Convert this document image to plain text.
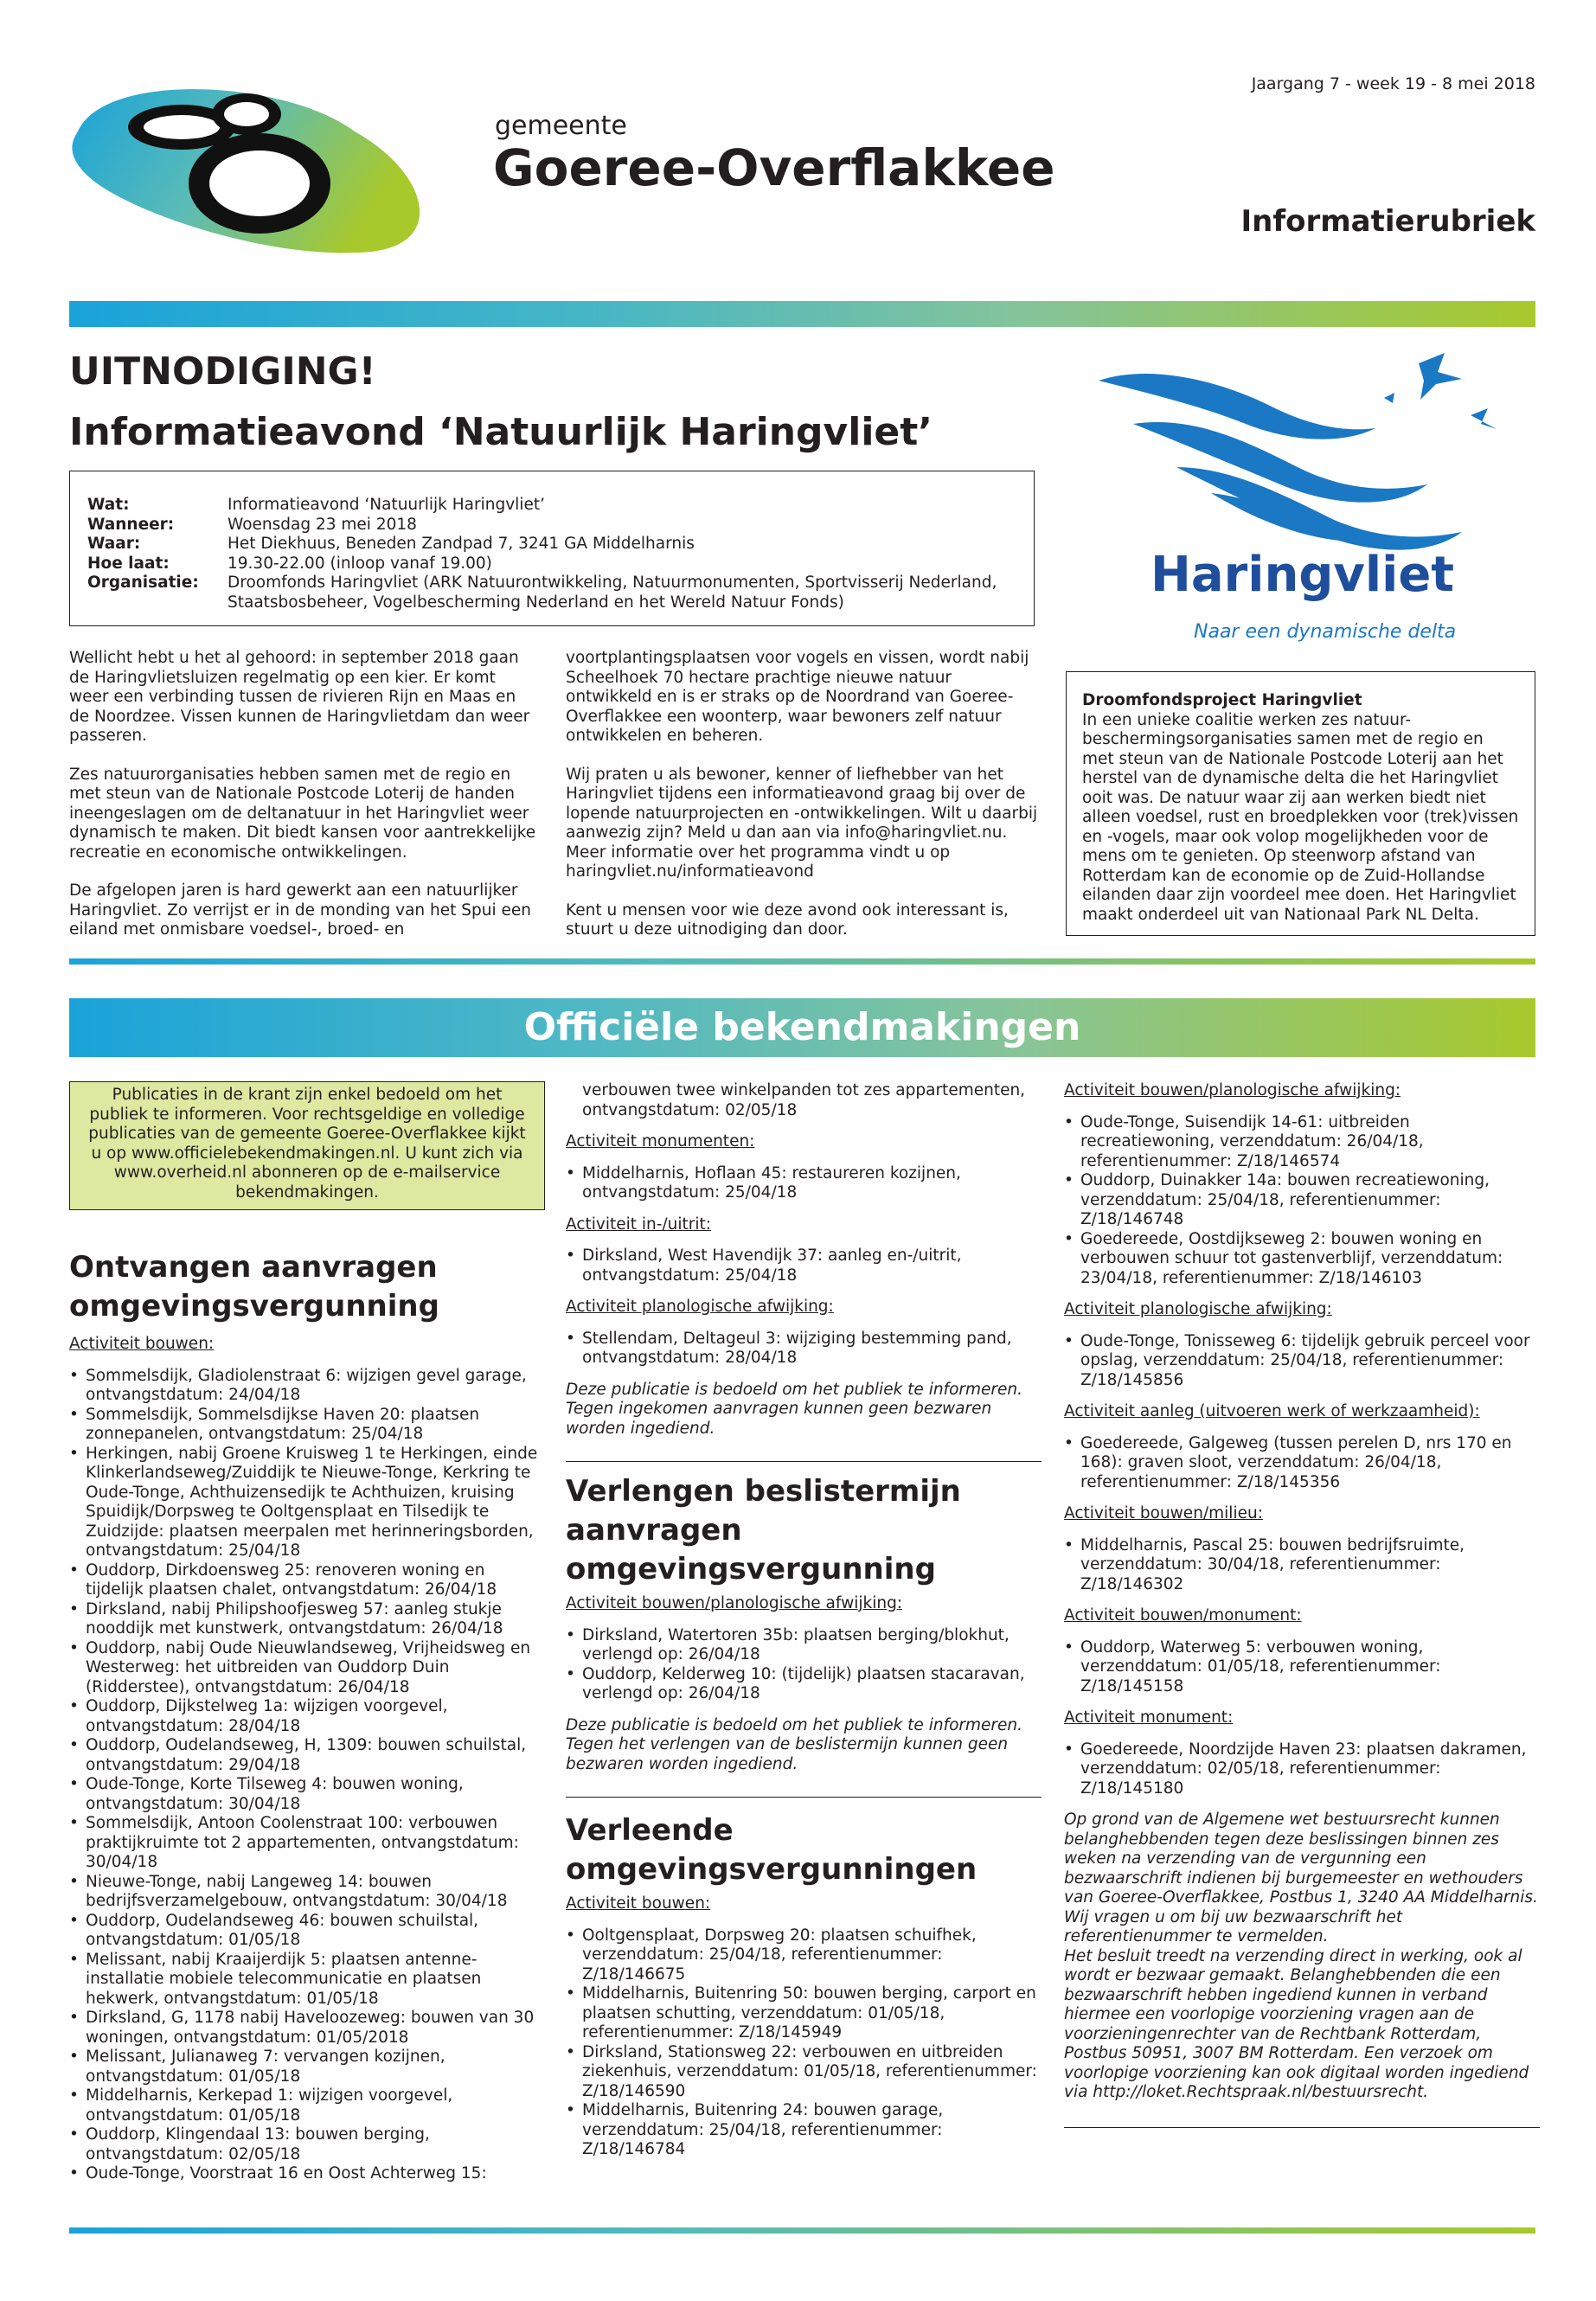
Jaargang 7 - week 19 - 8 mei 2018
gemeente
Goeree-Overflakkee
Informatierubriek
UITNODIGING!
Informatieavond ‘Natuurlijk Haringvliet’
Wat:	Informatieavond ‘Natuurlijk Haringvliet’
Wanneer:	Woensdag 23 mei 2018
Waar:	Het Diekhuus, Beneden Zandpad 7, 3241 GA Middelharnis
Hoe laat:	19.30-22.00 (inloop vanaf 19.00)
Organisatie:	Droomfonds Haringvliet (ARK Natuurontwikkeling, Natuurmonumenten, Sportvisserij Nederland, Staatsbosbeheer, Vogelbescherming Nederland en het Wereld Natuur Fonds)

Wellicht hebt u het al gehoord: in september 2018 gaan de Haringvlietsluizen regelmatig op een kier. Er komt weer een verbinding tussen de rivieren Rijn en Maas en de Noordzee. Vissen kunnen de Haringvlietdam dan weer passeren.

Zes natuurorganisaties hebben samen met de regio en met steun van de Nationale Postcode Loterij de handen ineengeslagen om de deltanatuur in het Haringvliet weer dynamisch te maken. Dit biedt kansen voor aantrekkelijke recreatie en economische ontwikkelingen.

De afgelopen jaren is hard gewerkt aan een natuurlijker Haringvliet. Zo verrijst er in de monding van het Spui een eiland met onmisbare voedsel-, broed- en

voortplantingsplaatsen voor vogels en vissen, wordt nabij Scheelhoek 70 hectare prachtige nieuwe natuur ontwikkeld en is er straks op de Noordrand van Goeree-Overflakkee een woonterp, waar bewoners zelf natuur ontwikkelen en beheren.

Wij praten u als bewoner, kenner of liefhebber van het Haringvliet tijdens een informatieavond graag bij over de lopende natuurprojecten en -ontwikkelingen. Wilt u daarbij aanwezig zijn? Meld u dan aan via info@haringvliet.nu. Meer informatie over het programma vindt u op haringvliet.nu/informatieavond

Kent u mensen voor wie deze avond ook interessant is, stuurt u deze uitnodiging dan door.

Haringvliet
Naar een dynamische delta
Droomfondsproject Haringvliet
In een unieke coalitie werken zes natuur-beschermingsorganisaties samen met de regio en met steun van de Nationale Postcode Loterij aan het herstel van de dynamische delta die het Haringvliet ooit was. De natuur waar zij aan werken biedt niet alleen voedsel, rust en broedplekken voor (trek)vissen en -vogels, maar ook volop mogelijkheden voor de mens om te genieten. Op steenworp afstand van Rotterdam kan de economie op de Zuid-Hollandse eilanden daar zijn voordeel mee doen. Het Haringvliet maakt onderdeel uit van Nationaal Park NL Delta.
Officiële bekendmakingen
Publicaties in de krant zijn enkel bedoeld om het publiek te informeren. Voor rechtsgeldige en volledige publicaties van de gemeente Goeree-Overflakkee kijkt u op www.officielebekendmakingen.nl. U kunt zich via www.overheid.nl abonneren op de e-mailservice bekendmakingen.
Ontvangen aanvragen omgevingsvergunning
Activiteit bouwen:
• Sommelsdijk, Gladiolenstraat 6: wijzigen gevel garage, ontvangstdatum: 24/04/18
• Sommelsdijk, Sommelsdijkse Haven 20: plaatsen zonnepanelen, ontvangstdatum: 25/04/18
• Herkingen, nabij Groene Kruisweg 1 te Herkingen, einde Klinkerlandseweg/Zuiddijk te Nieuwe-Tonge, Kerkring te Oude-Tonge, Achthuizensedijk te Achthuizen, kruising Spuidijk/Dorpsweg te Ooltgensplaat en Tilsedijk te Zuidzijde: plaatsen meerpalen met herinneringsborden, ontvangstdatum: 25/04/18
• Ouddorp, Dirkdoensweg 25: renoveren woning en tijdelijk plaatsen chalet, ontvangstdatum: 26/04/18
• Dirksland, nabij Philipshoofjesweg 57: aanleg stukje nooddijk met kunstwerk, ontvangstdatum: 26/04/18
• Ouddorp, nabij Oude Nieuwlandseweg, Vrijheidsweg en Westerweg: het uitbreiden van Ouddorp Duin (Ridderstee), ontvangstdatum: 26/04/18
• Ouddorp, Dijkstelweg 1a: wijzigen voorgevel, ontvangstdatum: 28/04/18
• Ouddorp, Oudelandseweg, H, 1309: bouwen schuilstal, ontvangstdatum: 29/04/18
• Oude-Tonge, Korte Tilseweg 4: bouwen woning, ontvangstdatum: 30/04/18
• Sommelsdijk, Antoon Coolenstraat 100: verbouwen praktijkruimte tot 2 appartementen, ontvangstdatum: 30/04/18
• Nieuwe-Tonge, nabij Langeweg 14: bouwen bedrijfsverzamelgebouw, ontvangstdatum: 30/04/18
• Ouddorp, Oudelandseweg 46: bouwen schuilstal, ontvangstdatum: 01/05/18
• Melissant, nabij Kraaijerdijk 5: plaatsen antenne-installatie mobiele telecommunicatie en plaatsen hekwerk, ontvangstdatum: 01/05/18
• Dirksland, G, 1178 nabij Haveloozeweg: bouwen van 30 woningen, ontvangstdatum: 01/05/2018
• Melissant, Julianaweg 7: vervangen kozijnen, ontvangstdatum: 01/05/18
• Middelharnis, Kerkepad 1: wijzigen voorgevel, ontvangstdatum: 01/05/18
• Ouddorp, Klingendaal 13: bouwen berging, ontvangstdatum: 02/05/18
• Oude-Tonge, Voorstraat 16 en Oost Achterweg 15:
verbouwen twee winkelpanden tot zes appartementen, ontvangstdatum: 02/05/18
Activiteit monumenten:
• Middelharnis, Hoflaan 45: restaureren kozijnen, ontvangstdatum: 25/04/18
Activiteit in-/uitrit:
• Dirksland, West Havendijk 37: aanleg en-/uitrit, ontvangstdatum: 25/04/18
Activiteit planologische afwijking:
• Stellendam, Deltageul 3: wijziging bestemming pand, ontvangstdatum: 28/04/18
Deze publicatie is bedoeld om het publiek te informeren. Tegen ingekomen aanvragen kunnen geen bezwaren worden ingediend.
Verlengen beslistermijn aanvragen omgevingsvergunning
Activiteit bouwen/planologische afwijking:
• Dirksland, Watertoren 35b: plaatsen berging/blokhut, verlengd op: 26/04/18
• Ouddorp, Kelderweg 10: (tijdelijk) plaatsen stacaravan, verlengd op: 26/04/18
Deze publicatie is bedoeld om het publiek te informeren. Tegen het verlengen van de beslistermijn kunnen geen bezwaren worden ingediend.
Verleende omgevingsvergunningen
Activiteit bouwen:
• Ooltgensplaat, Dorpsweg 20: plaatsen schuifhek, verzenddatum: 25/04/18, referentienummer: Z/18/146675
• Middelharnis, Buitenring 50: bouwen berging, carport en plaatsen schutting, verzenddatum: 01/05/18, referentienummer: Z/18/145949
• Dirksland, Stationsweg 22: verbouwen en uitbreiden ziekenhuis, verzenddatum: 01/05/18, referentienummer: Z/18/146590
• Middelharnis, Buitenring 24: bouwen garage, verzenddatum: 25/04/18, referentienummer: Z/18/146784
Activiteit bouwen/planologische afwijking:
• Oude-Tonge, Suisendijk 14-61: uitbreiden recreatiewoning, verzenddatum: 26/04/18, referentienummer: Z/18/146574
• Ouddorp, Duinakker 14a: bouwen recreatiewoning, verzenddatum: 25/04/18, referentienummer: Z/18/146748
• Goedereede, Oostdijkseweg 2: bouwen woning en verbouwen schuur tot gastenverblijf, verzenddatum: 23/04/18, referentienummer: Z/18/146103
Activiteit planologische afwijking:
• Oude-Tonge, Tonisseweg 6: tijdelijk gebruik perceel voor opslag, verzenddatum: 25/04/18, referentienummer: Z/18/145856
Activiteit aanleg (uitvoeren werk of werkzaamheid):
• Goedereede, Galgeweg (tussen perelen D, nrs 170 en 168): graven sloot, verzenddatum: 26/04/18, referentienummer: Z/18/145356
Activiteit bouwen/milieu:
• Middelharnis, Pascal 25: bouwen bedrijfsruimte, verzenddatum: 30/04/18, referentienummer: Z/18/146302
Activiteit bouwen/monument:
• Ouddorp, Waterweg 5: verbouwen woning, verzenddatum: 01/05/18, referentienummer: Z/18/145158
Activiteit monument:
• Goedereede, Noordzijde Haven 23: plaatsen dakramen, verzenddatum: 02/05/18, referentienummer: Z/18/145180
Op grond van de Algemene wet bestuursrecht kunnen belanghebbenden tegen deze beslissingen binnen zes weken na verzending van de vergunning een bezwaarschrift indienen bij burgemeester en wethouders van Goeree-Overflakkee, Postbus 1, 3240 AA Middelharnis. Wij vragen u om bij uw bezwaarschrift het referentienummer te vermelden.
Het besluit treedt na verzending direct in werking, ook al wordt er bezwaar gemaakt. Belanghebbenden die een bezwaarschrift hebben ingediend kunnen in verband hiermee een voorlopige voorziening vragen aan de voorzieningenrechter van de Rechtbank Rotterdam, Postbus 50951, 3007 BM Rotterdam. Een verzoek om voorlopige voorziening kan ook digitaal worden ingediend via http://loket.Rechtspraak.nl/bestuursrecht.
